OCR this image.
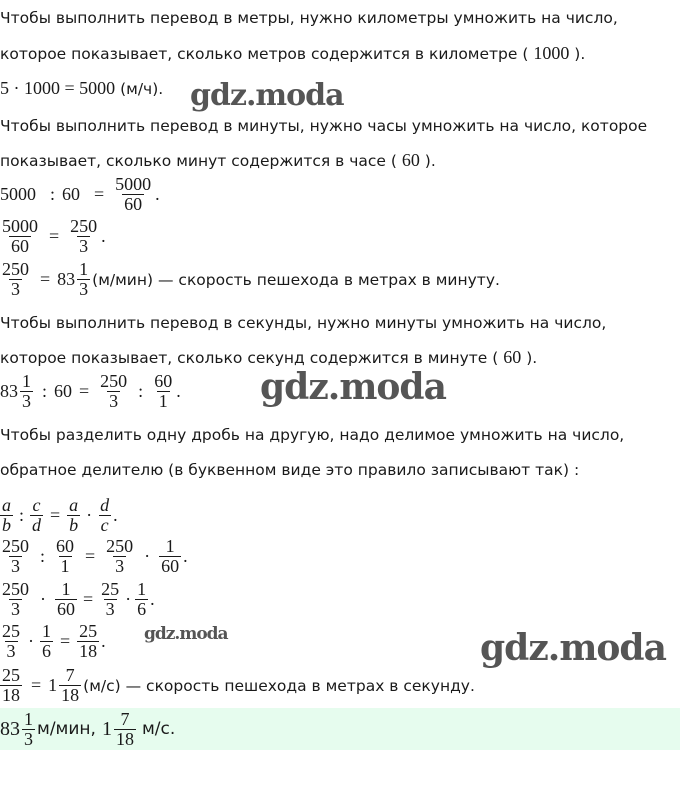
Чтобы выполнить перевод в метры, нужно километры умножить на число,
которое показывает, сколько метров содержится в километре ( 1000 ).
5 · 1000 = 5000 (м/ч). gdz.moda
Чтобы выполнить перевод в минуты, нужно часы умножить на число, которое
показывает, сколько минут содержится в часе ( 60 ).
5000 : $60 = \frac{5000}{60}$ .
$\frac{5000}{60} = \frac{250}{3}$ .
$\frac{250}{3} = 83 \frac{1}{3} (м/мин)$ — скорость пешехода в метрах в минуту.
Чтобы выполнить перевод в секунды, нужно минуты умножить на число,
которое показывает, сколько секунд содержится в минуте ( 60 ).
$83 \frac{1}{3}$ : $60 = \frac{250}{3}$ : $\frac{60}{1}$ . gdz.moda
Чтобы разделить одну дробь на другую, надо делимое умножить на число,
обратное делителю (в буквенном виде это правило записывают так) :
$\frac{a}{b}$ : $\frac{c}{d} = \frac{a}{b} \cdot \frac{d}{c}$ .
$\frac{250}{3}$ : $\frac{60}{1} = \frac{250}{3} \cdot \frac{1}{60}$ .
$\frac{250}{3} \cdot \frac{1}{60} = \frac{25}{3} \cdot \frac{1}{6}$ .
$\frac{25}{3} \cdot \frac{1}{6} = \frac{25}{18}$ . gdz.moda	gdz.moda
$\frac{25}{18} = 1 \frac{7}{18} (м/с)$ — скорость пешехода в метрах в секунду.
$83 \frac{1}{3} м/мин$, $1 \frac{7}{18} м/с$.
